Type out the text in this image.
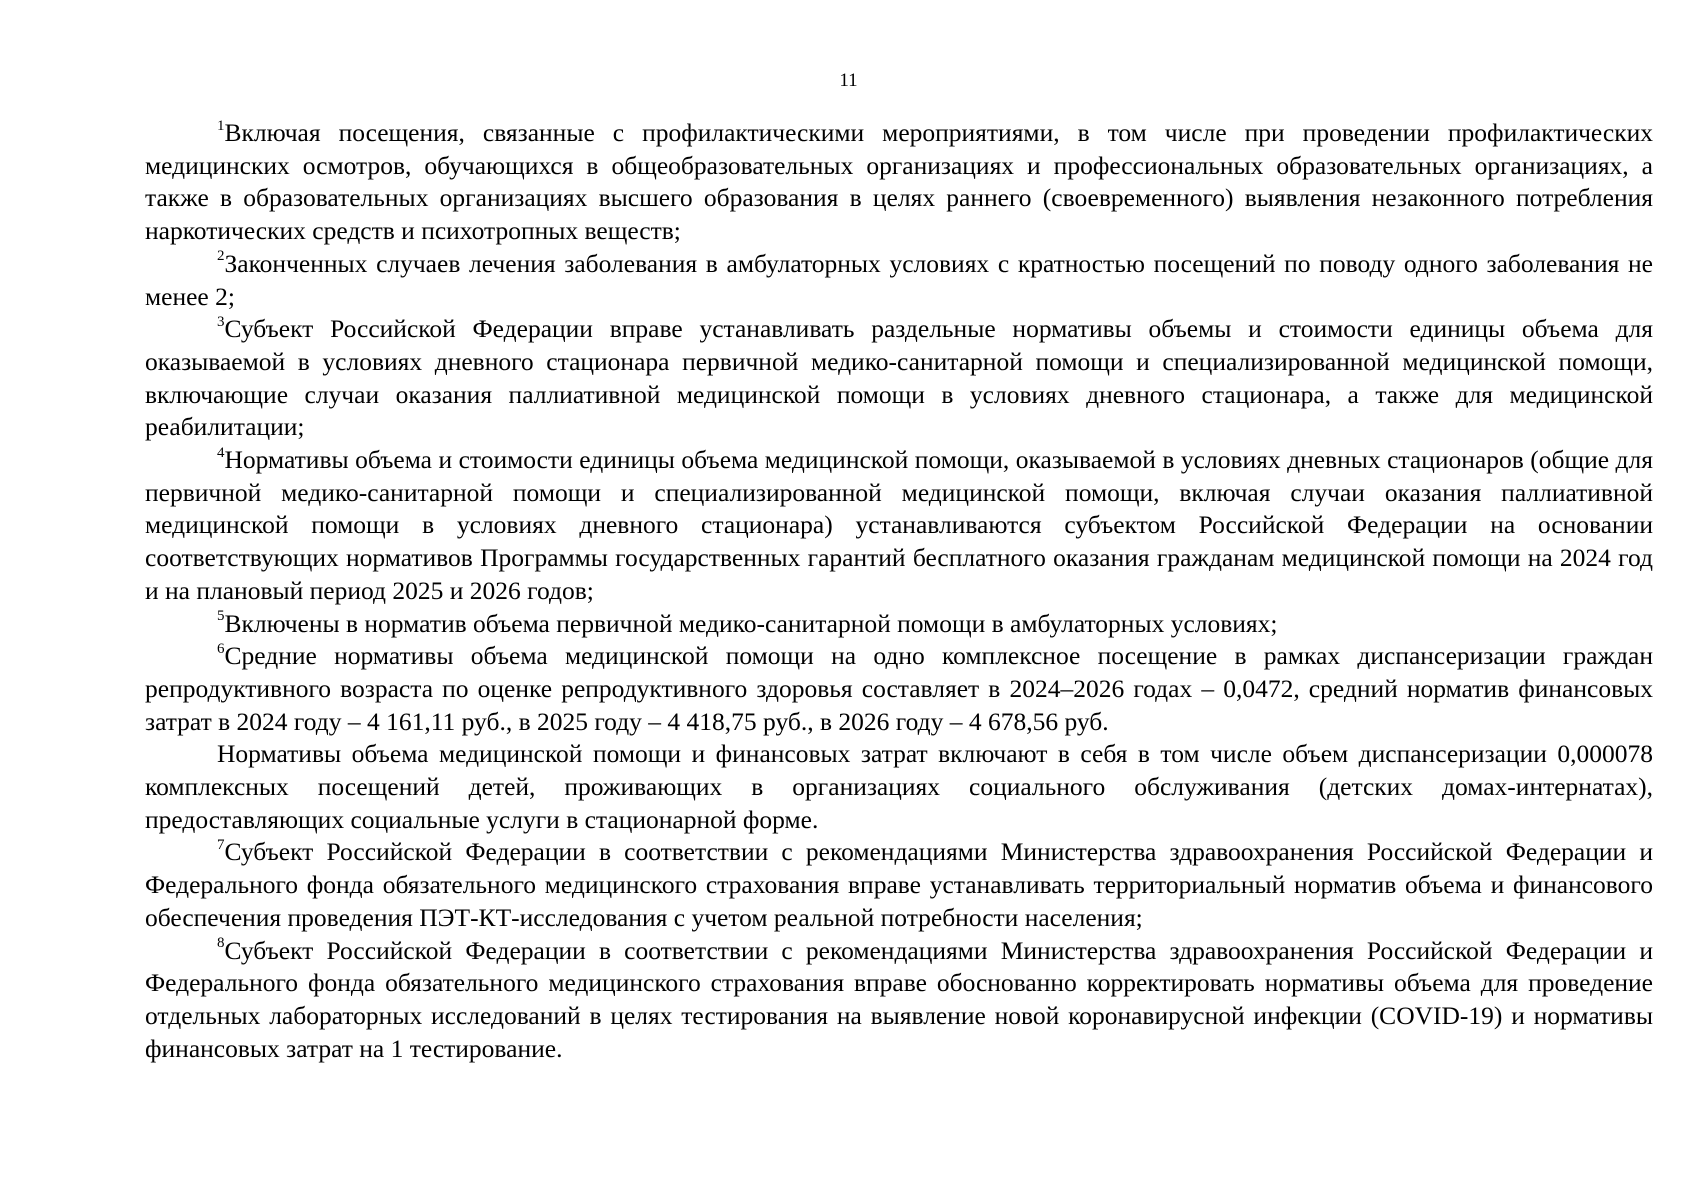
11

$^1$Включая посещения, связанные с профилактическими мероприятиями, в том числе при проведении профилактических медицинских осмотров, обучающихся в общеобразовательных организациях и профессиональных образовательных организациях, а также в образовательных организациях высшего образования в целях раннего (своевременного) выявления незаконного потребления наркотических средств и психотропных веществ;

$^2$Законченных случаев лечения заболевания в амбулаторных условиях с кратностью посещений по поводу одного заболевания не менее 2;

$^3$Субъект Российской Федерации вправе устанавливать раздельные нормативы объемы и стоимости единицы объема для оказываемой в условиях дневного стационара первичной медико-санитарной помощи и специализированной медицинской помощи, включающие случаи оказания паллиативной медицинской помощи в условиях дневного стационара, а также для медицинской реабилитации;

$^4$Нормативы объема и стоимости единицы объема медицинской помощи, оказываемой в условиях дневных стационаров (общие для первичной медико-санитарной помощи и специализированной медицинской помощи, включая случаи оказания паллиативной медицинской помощи в условиях дневного стационара) устанавливаются субъектом Российской Федерации на основании соответствующих нормативов Программы государственных гарантий бесплатного оказания гражданам медицинской помощи на 2024 год и на плановый период 2025 и 2026 годов;

$^5$Включены в норматив объема первичной медико-санитарной помощи в амбулаторных условиях;

$^6$Средние нормативы объема медицинской помощи на одно комплексное посещение в рамках диспансеризации граждан репродуктивного возраста по оценке репродуктивного здоровья составляет в 2024–2026 годах – 0,0472, средний норматив финансовых затрат в 2024 году – 4 161,11 руб., в 2025 году – 4 418,75 руб., в 2026 году – 4 678,56 руб.

Нормативы объема медицинской помощи и финансовых затрат включают в себя в том числе объем диспансеризации 0,000078 комплексных посещений детей, проживающих в организациях социального обслуживания (детских домах-интернатах), предоставляющих социальные услуги в стационарной форме.

$^7$Субъект Российской Федерации в соответствии с рекомендациями Министерства здравоохранения Российской Федерации и Федерального фонда обязательного медицинского страхования вправе устанавливать территориальный норматив объема и финансового обеспечения проведения ПЭТ-КТ-исследования с учетом реальной потребности населения;

$^8$Субъект Российской Федерации в соответствии с рекомендациями Министерства здравоохранения Российской Федерации и Федерального фонда обязательного медицинского страхования вправе обоснованно корректировать нормативы объема для проведение отдельных лабораторных исследований в целях тестирования на выявление новой коронавирусной инфекции (COVID-19) и нормативы финансовых затрат на 1 тестирование.
